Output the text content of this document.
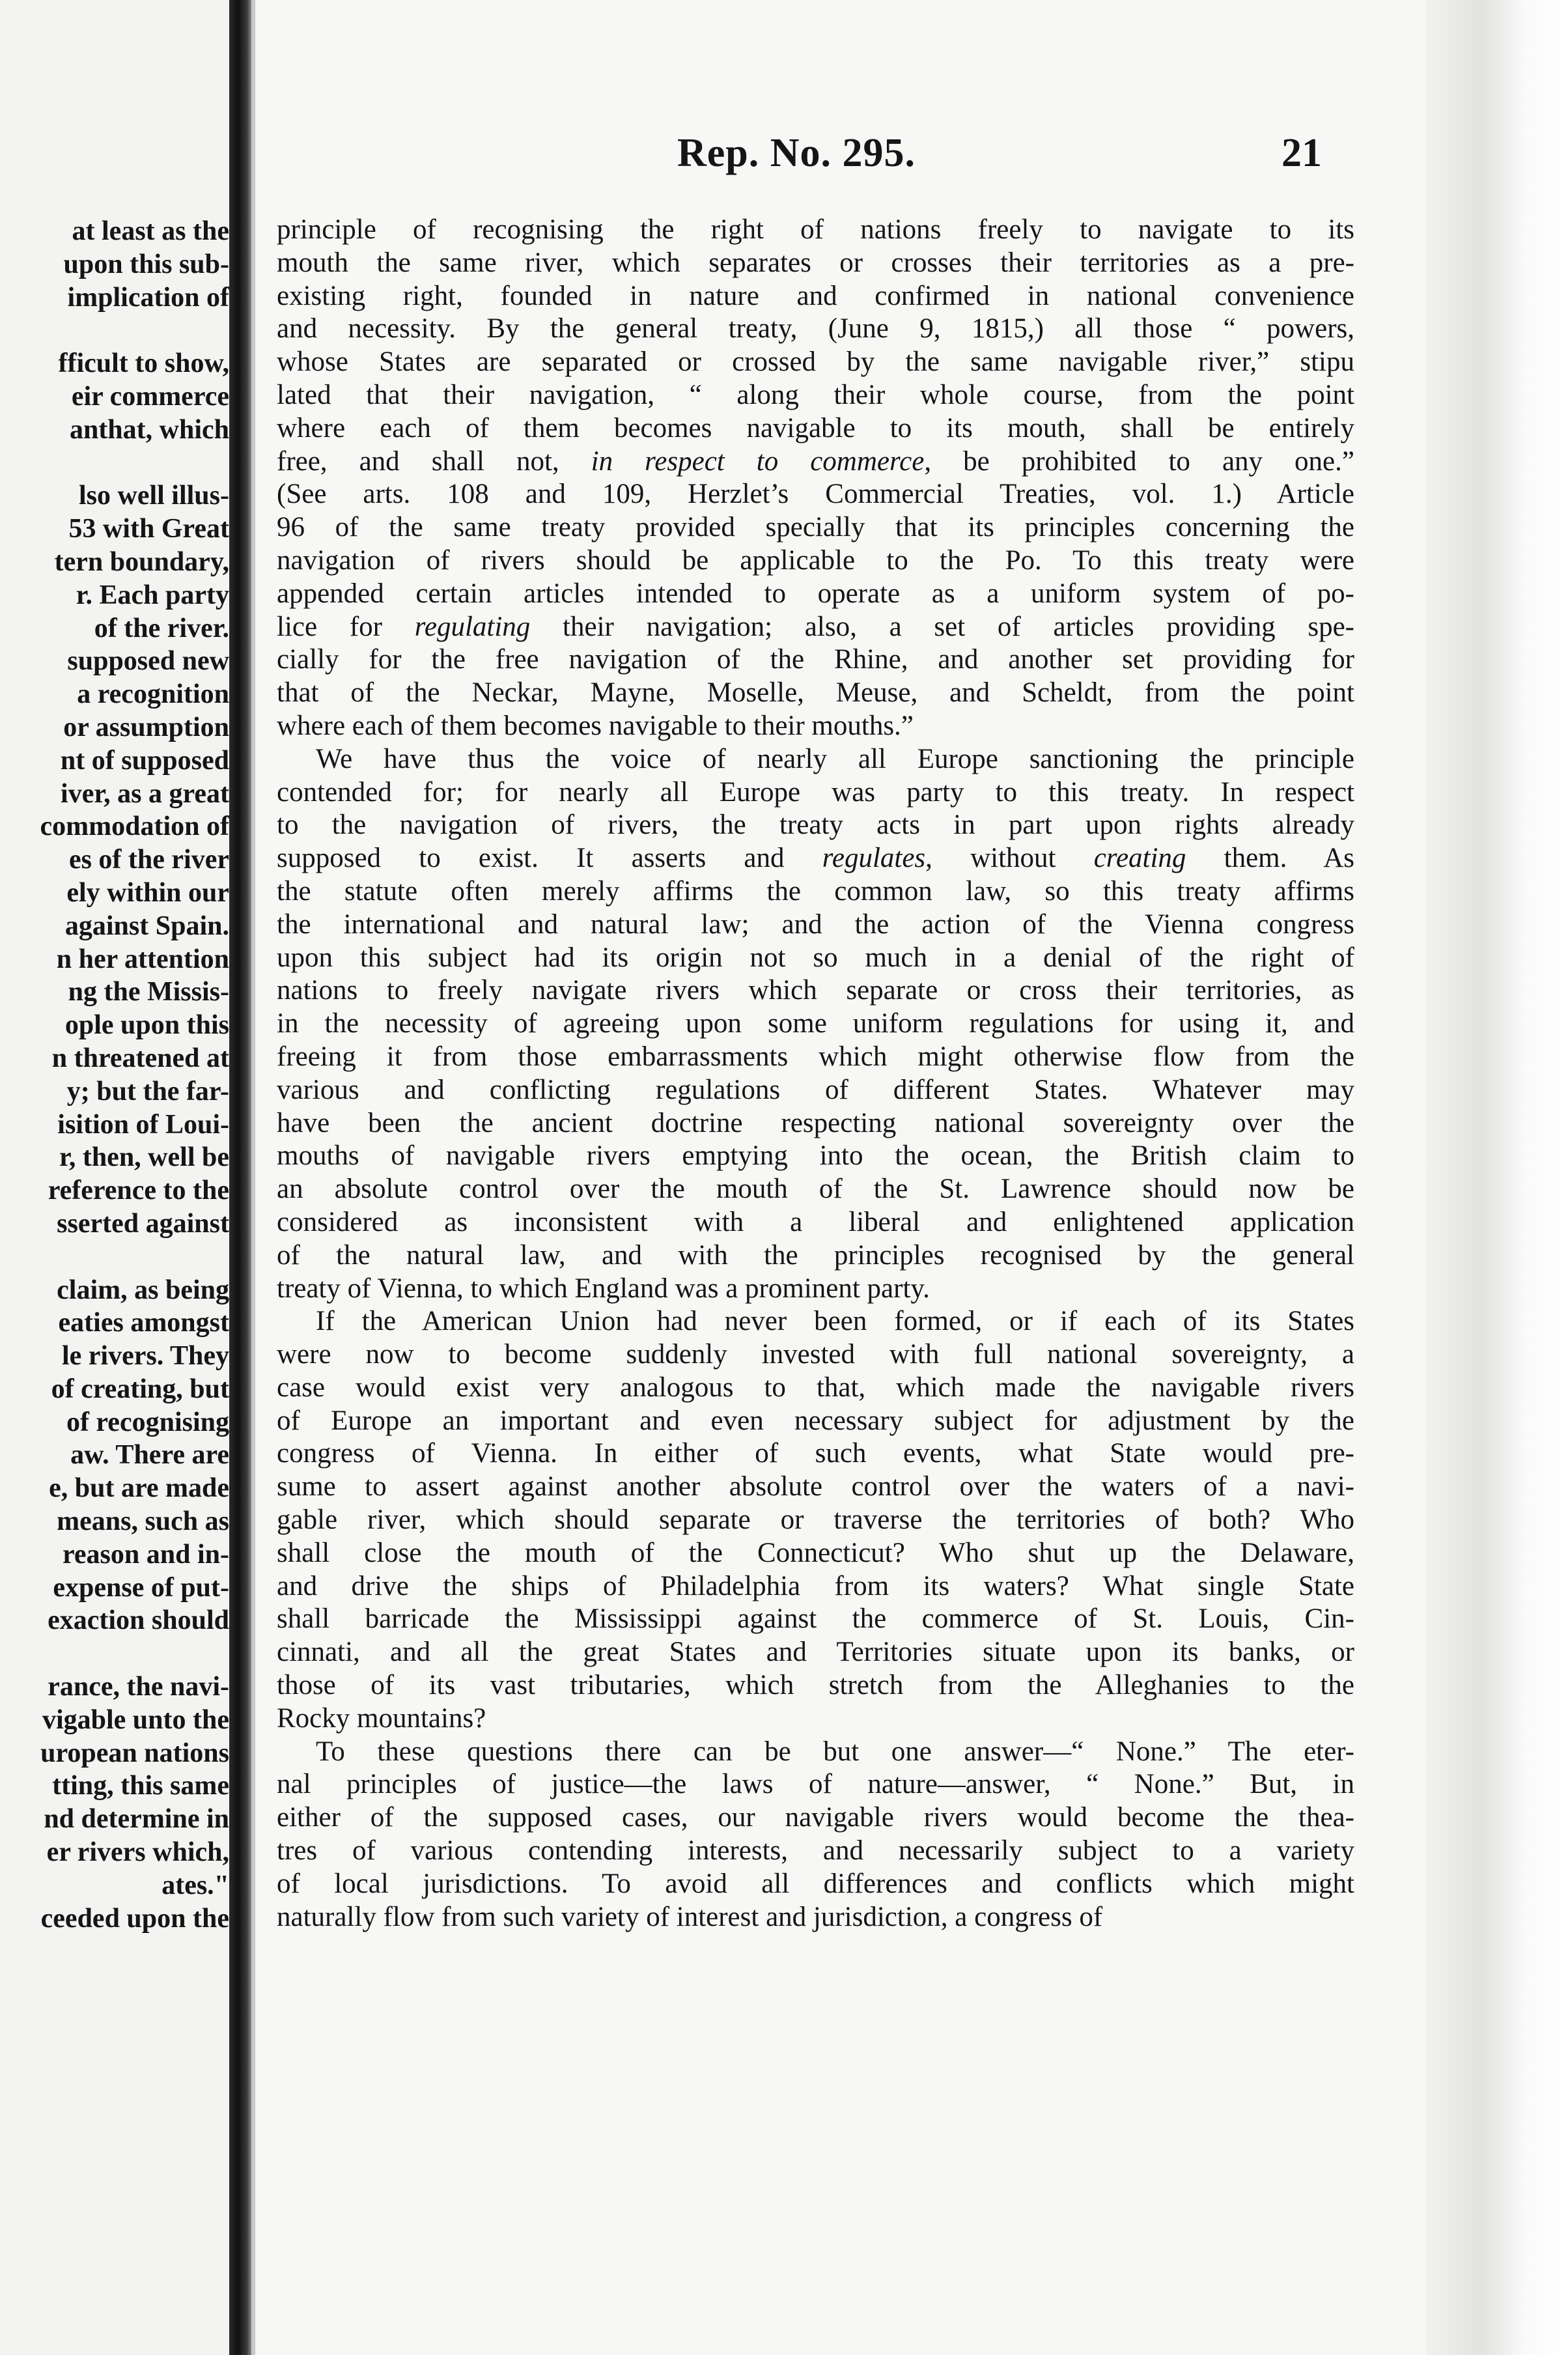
at least as the
upon this sub-
implication of
fficult to show,
eir commerce
anthat, which
lso well illus-
53 with Great
tern boundary,
r. Each party
of the river.
supposed new
a recognition
or assumption
nt of supposed
iver, as a great
commodation of
es of the river
ely within our
against Spain.
n her attention
ng the Missis-
ople upon this
n threatened at
y; but the far-
isition of Loui-
r, then, well be
reference to the
sserted against
claim, as being
eaties amongst
le rivers. They
of creating, but
of recognising
aw. There are
e, but are made
means, such as
reason and in-
expense of put-
exaction should
rance, the navi-
vigable unto the
uropean nations
tting, this same
nd determine in
er rivers which,
ates."
ceeded upon the
Rep. No. 295.	21
principle of recognising the right of nations freely to navigate to its
mouth the same river, which separates or crosses their territories as a pre-
existing right, founded in nature and confirmed in national convenience
and necessity. By the general treaty, (June 9, 1815,) all those “ powers,
whose States are separated or crossed by the same navigable river,” stipu
lated that their navigation, “ along their whole course, from the point
where each of them becomes navigable to its mouth, shall be entirely
free, and shall not, in respect to commerce, be prohibited to any one.”
(See arts. 108 and 109, Herzlet’s Commercial Treaties, vol. 1.) Article
96 of the same treaty provided specially that its principles concerning the
navigation of rivers should be applicable to the Po. To this treaty were
appended certain articles intended to operate as a uniform system of po-
lice for regulating their navigation; also, a set of articles providing spe-
cially for the free navigation of the Rhine, and another set providing for
that of the Neckar, Mayne, Moselle, Meuse, and Scheldt, from the point
where each of them becomes navigable to their mouths.”
We have thus the voice of nearly all Europe sanctioning the principle
contended for; for nearly all Europe was party to this treaty. In respect
to the navigation of rivers, the treaty acts in part upon rights already
supposed to exist. It asserts and regulates, without creating them. As
the statute often merely affirms the common law, so this treaty affirms
the international and natural law; and the action of the Vienna congress
upon this subject had its origin not so much in a denial of the right of
nations to freely navigate rivers which separate or cross their territories, as
in the necessity of agreeing upon some uniform regulations for using it, and
freeing it from those embarrassments which might otherwise flow from the
various and conflicting regulations of different States. Whatever may
have been the ancient doctrine respecting national sovereignty over the
mouths of navigable rivers emptying into the ocean, the British claim to
an absolute control over the mouth of the St. Lawrence should now be
considered as inconsistent with a liberal and enlightened application
of the natural law, and with the principles recognised by the general
treaty of Vienna, to which England was a prominent party.
If the American Union had never been formed, or if each of its States
were now to become suddenly invested with full national sovereignty, a
case would exist very analogous to that, which made the navigable rivers
of Europe an important and even necessary subject for adjustment by the
congress of Vienna. In either of such events, what State would pre-
sume to assert against another absolute control over the waters of a navi-
gable river, which should separate or traverse the territories of both? Who
shall close the mouth of the Connecticut? Who shut up the Delaware,
and drive the ships of Philadelphia from its waters? What single State
shall barricade the Mississippi against the commerce of St. Louis, Cin-
cinnati, and all the great States and Territories situate upon its banks, or
those of its vast tributaries, which stretch from the Alleghanies to the
Rocky mountains?
To these questions there can be but one answer—“ None.” The eter-
nal principles of justice—the laws of nature—answer, “ None.” But, in
either of the supposed cases, our navigable rivers would become the thea-
tres of various contending interests, and necessarily subject to a variety
of local jurisdictions. To avoid all differences and conflicts which might
naturally flow from such variety of interest and jurisdiction, a congress of
